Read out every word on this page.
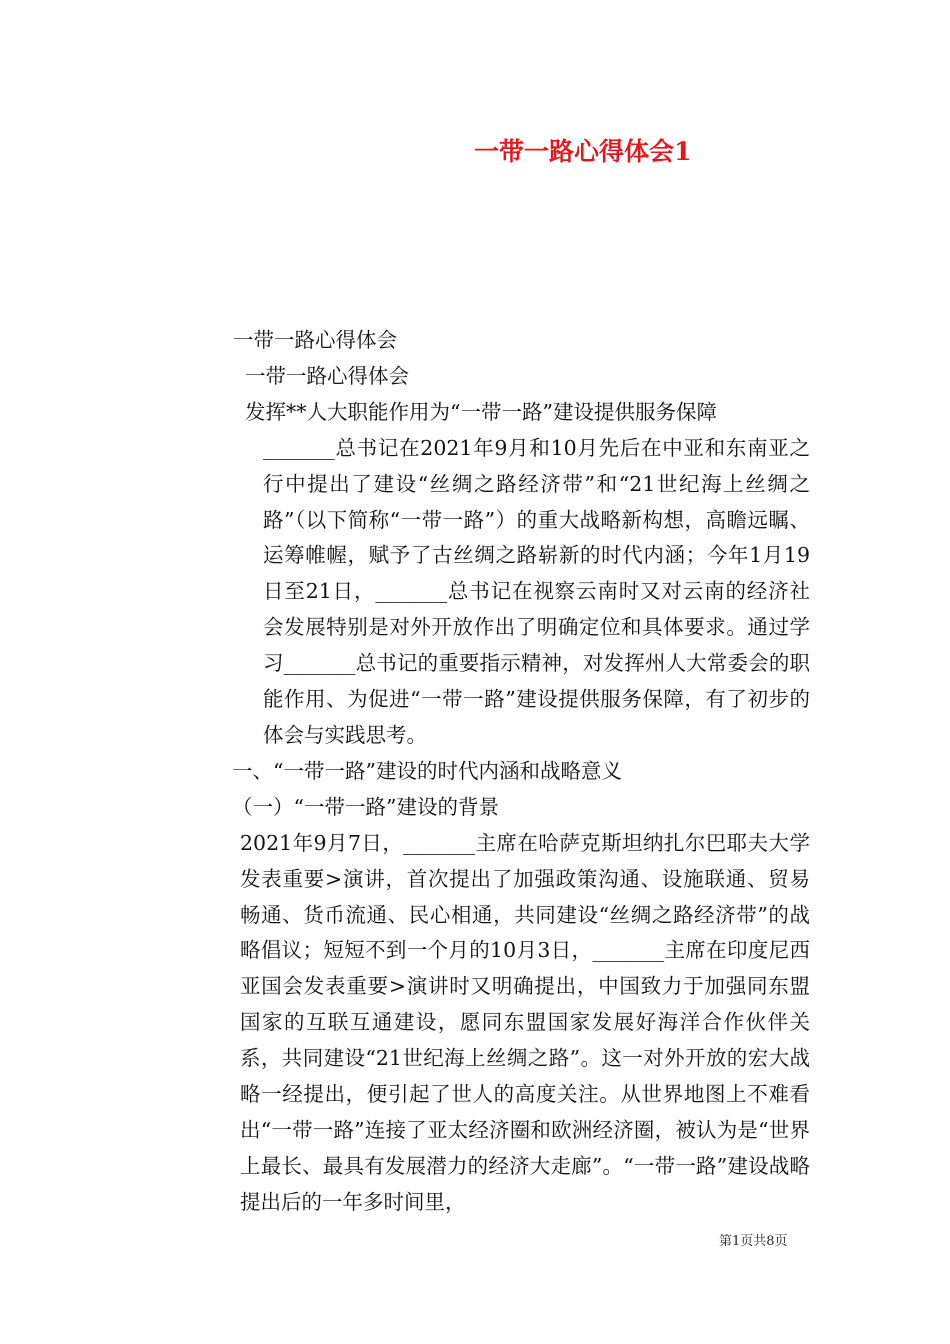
一带一路心得体会1

一带一路心得体会

一带一路心得体会

发挥**人大职能作用为“一带一路”建设提供服务保障

_______总书记在2021年9月和10月先后在中亚和东南亚之行中提出了建设“丝绸之路经济带”和“21世纪海上丝绸之路”（以下简称“一带一路”）的重大战略新构想，高瞻远瞩、运筹帷幄，赋予了古丝绸之路崭新的时代内涵；今年1月19日至21日，_______总书记在视察云南时又对云南的经济社会发展特别是对外开放作出了明确定位和具体要求。通过学习_______总书记的重要指示精神，对发挥州人大常委会的职能作用、为促进“一带一路”建设提供服务保障，有了初步的体会与实践思考。

一、“一带一路”建设的时代内涵和战略意义

（一）“一带一路”建设的背景

2021年9月7日，_______主席在哈萨克斯坦纳扎尔巴耶夫大学发表重要>演讲，首次提出了加强政策沟通、设施联通、贸易畅通、货币流通、民心相通，共同建设“丝绸之路经济带”的战略倡议；短短不到一个月的10月3日，_______主席在印度尼西亚国会发表重要>演讲时又明确提出，中国致力于加强同东盟国家的互联互通建设，愿同东盟国家发展好海洋合作伙伴关系，共同建设“21世纪海上丝绸之路”。这一对外开放的宏大战略一经提出，便引起了世人的高度关注。从世界地图上不难看出“一带一路”连接了亚太经济圈和欧洲经济圈，被认为是“世界上最长、最具有发展潜力的经济大走廊”。“一带一路”建设战略提出后的一年多时间里，

第1页共8页
